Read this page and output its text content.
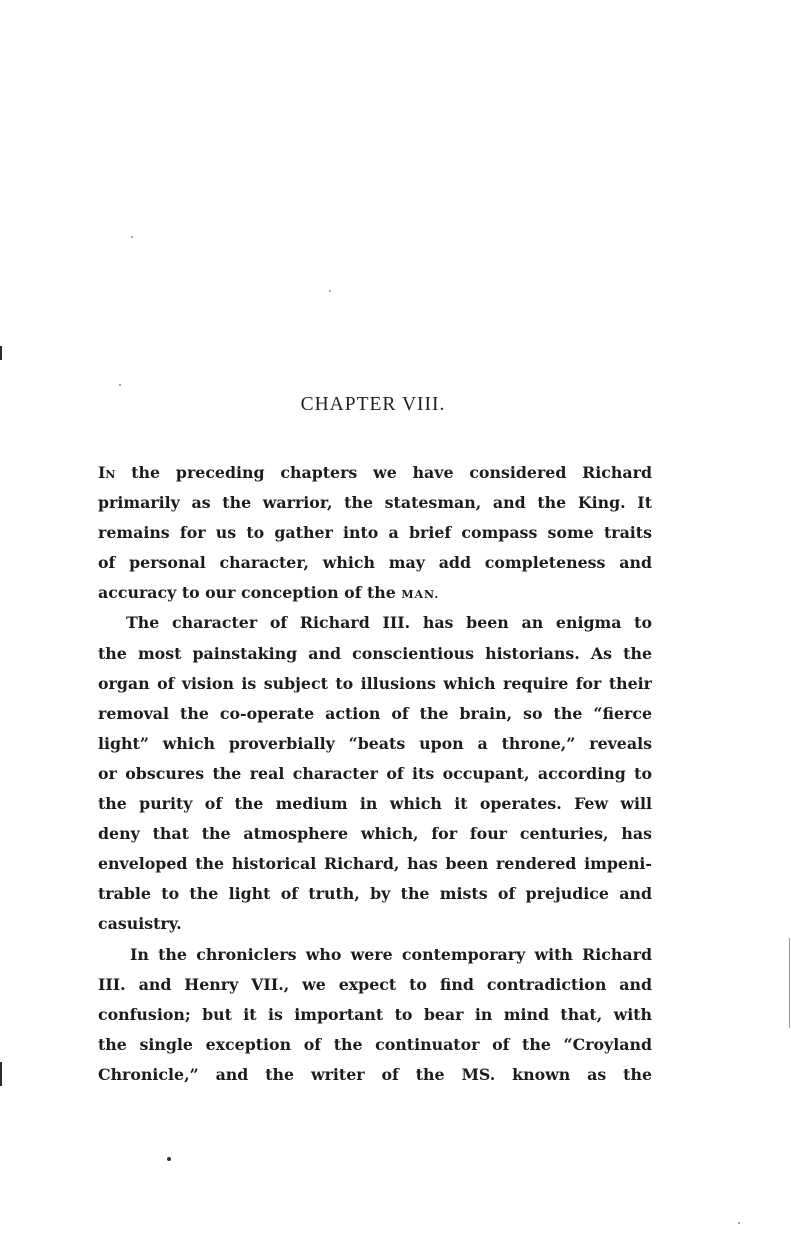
CHAPTER VIII.
In the preceding chapters we have considered Richard
primarily as the warrior, the statesman, and the King. It
remains for us to gather into a brief compass some traits
of personal character, which may add completeness and
accuracy to our conception of the MAN.
The character of Richard III. has been an enigma to
the most painstaking and conscientious historians. As the
organ of vision is subject to illusions which require for their
removal the co-operate action of the brain, so the “fierce
light” which proverbially “beats upon a throne,” reveals
or obscures the real character of its occupant, according to
the purity of the medium in which it operates. Few will
deny that the atmosphere which, for four centuries, has
enveloped the historical Richard, has been rendered impeni-
trable to the light of truth, by the mists of prejudice and
casuistry.
In the chroniclers who were contemporary with Richard
III. and Henry VII., we expect to find contradiction and
confusion; but it is important to bear in mind that, with
the single exception of the continuator of the “Croyland
Chronicle,” and the writer of the MS. known as the
